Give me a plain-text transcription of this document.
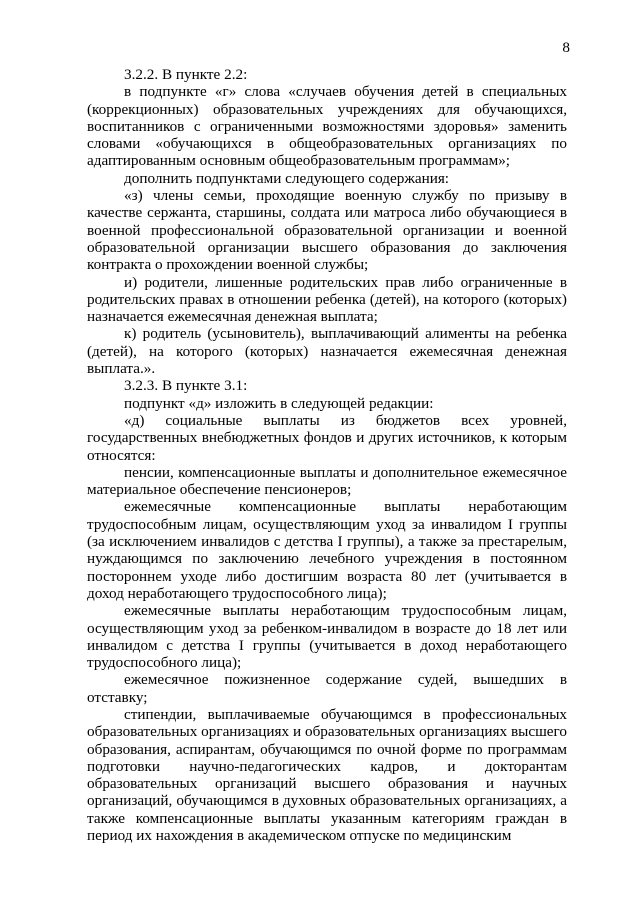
8

3.2.2. В пункте 2.2:

в подпункте «г» слова «случаев обучения детей в специальных (коррекционных) образовательных учреждениях для обучающихся, воспитанников с ограниченными возможностями здоровья» заменить словами «обучающихся в общеобразовательных организациях по адаптированным основным общеобразовательным программам»;

дополнить подпунктами следующего содержания:

«з) члены семьи, проходящие военную службу по призыву в качестве сержанта, старшины, солдата или матроса либо обучающиеся в военной профессиональной образовательной организации и военной образовательной организации высшего образования до заключения контракта о прохождении военной службы;

и) родители, лишенные родительских прав либо ограниченные в родительских правах в отношении ребенка (детей), на которого (которых) назначается ежемесячная денежная выплата;

к) родитель (усыновитель), выплачивающий алименты на ребенка (детей), на которого (которых) назначается ежемесячная денежная выплата.».

3.2.3. В пункте 3.1:

подпункт «д» изложить в следующей редакции:

«д) социальные выплаты из бюджетов всех уровней, государственных внебюджетных фондов и других источников, к которым относятся:

пенсии, компенсационные выплаты и дополнительное ежемесячное материальное обеспечение пенсионеров;

ежемесячные компенсационные выплаты неработающим трудоспособным лицам, осуществляющим уход за инвалидом I группы (за исключением инвалидов с детства I группы), а также за престарелым, нуждающимся по заключению лечебного учреждения в постоянном постороннем уходе либо достигшим возраста 80 лет (учитывается в доход неработающего трудоспособного лица);

ежемесячные выплаты неработающим трудоспособным лицам, осуществляющим уход за ребенком-инвалидом в возрасте до 18 лет или инвалидом с детства I группы (учитывается в доход неработающего трудоспособного лица);

ежемесячное пожизненное содержание судей, вышедших в отставку;

стипендии, выплачиваемые обучающимся в профессиональных образовательных организациях и образовательных организациях высшего образования, аспирантам, обучающимся по очной форме по программам подготовки научно-педагогических кадров, и докторантам образовательных организаций высшего образования и научных организаций, обучающимся в духовных образовательных организациях, а также компенсационные выплаты указанным категориям граждан в период их нахождения в академическом отпуске по медицинским
